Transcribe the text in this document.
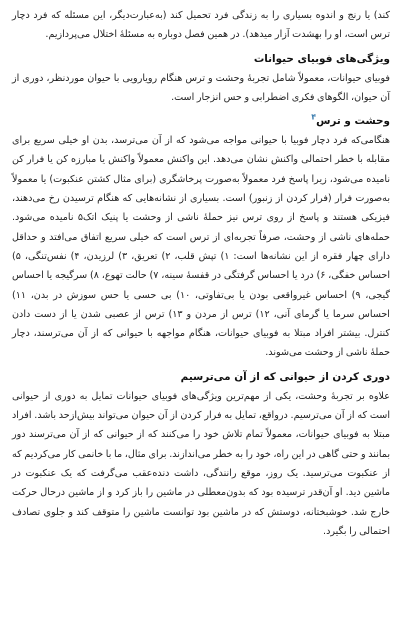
کند) یا رنج و اندوه بسیاری را به زندگی فرد تحمیل کند (به‌عبارت‌دیگر، این مسئله که فرد دچار ترس است، او را بهشدت آزار میدهد). در همین فصل دوباره به مسئلهٔ اختلال می‌پردازیم.

ویژگی‌های فوبیای حیوانات

فوبیای حیوانات، معمولاً شامل تجربهٔ وحشت و ترس هنگام رویارویی با حیوان موردنظر، دوری از آن حیوان، الگوهای فکری اضطرابی و حس انزجار است.

وحشت و ترس$^۴$

هنگامی‌که فرد دچار فوبیا با حیوانی مواجه می‌شود که از آن می‌ترسد، بدن او خیلی سریع برای مقابله با خطر احتمالی واکنش نشان می‌دهد. این واکنش معمولاً واکنش یا مبارزه کن یا فرار کن نامیده می‌شود، زیرا پاسخ فرد معمولاً به‌صورت پرخاشگری (برای مثال کشتن عنکبوت) یا معمولاً به‌صورت فرار (فرار کردن از زنبور) است. بسیاری از نشانه‌هایی که هنگام ترسیدن رخ می‌دهند، فیزیکی هستند و پاسخ از روی ترس نیز حملهٔ ناشی از وحشت یا پنیک اتک۵ نامیده می‌شود. حمله‌های ناشی از وحشت، صرفاً تجربه‌ای از ترس است که خیلی سریع اتفاق می‌افتد و حداقل دارای چهار فقره از این نشانه‌ها است: ۱) تپش قلب، ۲) تعریق، ۳) لرزیدن، ۴) نفس‌تنگی، ۵) احساس خفگی، ۶) درد یا احساس گرفتگی در قفسهٔ سینه، ۷) حالت تهوع، ۸) سرگیجه یا احساس گیجی، ۹) احساس غیرواقعی بودن یا بی‌تفاوتی، ۱۰) بی حسی یا حس سوزش در بدن، ۱۱) احساس سرما یا گرمای آنی، ۱۲) ترس از مردن و ۱۳) ترس از عصبی شدن یا از دست دادن کنترل. بیشتر افراد مبتلا به فوبیای حیوانات، هنگام مواجهه با حیوانی که از آن می‌ترسند، دچار حملهٔ ناشی از وحشت می‌شوند.

دوری کردن از حیوانی که از آن می‌ترسیم

علاوه بر تجربهٔ وحشت، یکی از مهم‌ترین ویژگی‌های فوبیای حیوانات تمایل به دوری از حیوانی است که از آن می‌ترسیم. درواقع، تمایل به فرار کردن از آن حیوان می‌تواند بیش‌ازحد باشد. افراد مبتلا به فوبیای حیوانات، معمولاً تمام تلاش خود را می‌کنند که از حیوانی که از آن می‌ترسند دور بمانند و حتی گاهی در این راه، خود را به خطر می‌اندازند. برای مثال، ما با خانمی کار می‌کردیم که از عنکبوت می‌ترسید. یک روز، موقع رانندگی، داشت دنده‌عقب می‌گرفت که یک عنکبوت در ماشین دید. او آن‌قدر ترسیده بود که بدون‌معطلی در ماشین را باز کرد و از ماشین درحال حرکت خارج شد. خوشبختانه، دوستش که در ماشین بود توانست ماشین را متوقف کند و جلوی تصادف احتمالی را بگیرد.
